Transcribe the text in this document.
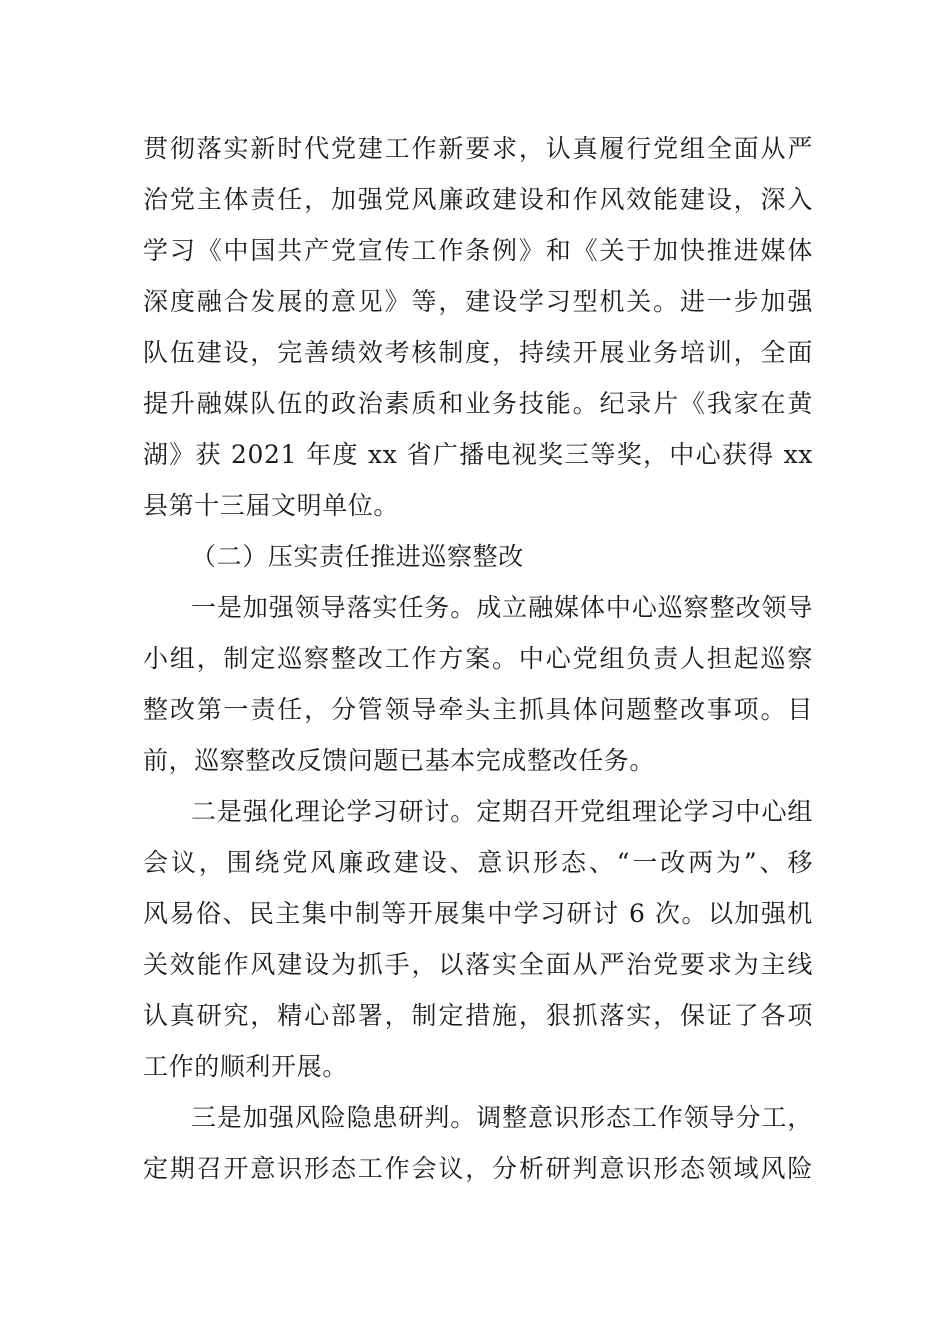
贯彻落实新时代党建工作新要求，认真履行党组全面从严
治党主体责任，加强党风廉政建设和作风效能建设，深入
学习《中国共产党宣传工作条例》和《关于加快推进媒体
深度融合发展的意见》等，建设学习型机关。进一步加强
队伍建设，完善绩效考核制度，持续开展业务培训，全面
提升融媒队伍的政治素质和业务技能。纪录片《我家在黄
湖》获 2021 年度 xx 省广播电视奖三等奖，中心获得 xx
县第十三届文明单位。
（二）压实责任推进巡察整改
一是加强领导落实任务。成立融媒体中心巡察整改领导
小组，制定巡察整改工作方案。中心党组负责人担起巡察
整改第一责任，分管领导牵头主抓具体问题整改事项。目
前，巡察整改反馈问题已基本完成整改任务。
二是强化理论学习研讨。定期召开党组理论学习中心组
会议，围绕党风廉政建设、意识形态、“一改两为”、移
风易俗、民主集中制等开展集中学习研讨 6 次。以加强机
关效能作风建设为抓手，以落实全面从严治党要求为主线
认真研究，精心部署，制定措施，狠抓落实，保证了各项
工作的顺利开展。
三是加强风险隐患研判。调整意识形态工作领导分工，
定期召开意识形态工作会议，分析研判意识形态领域风险
